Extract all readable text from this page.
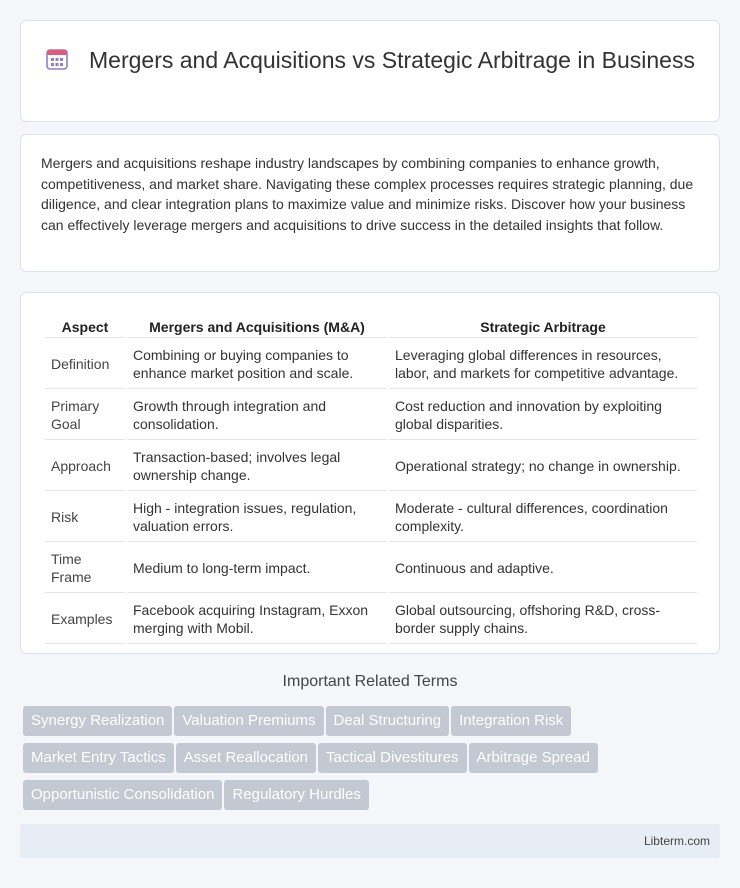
Mergers and Acquisitions vs Strategic Arbitrage in Business

Mergers and acquisitions reshape industry landscapes by combining companies to enhance growth, competitiveness, and market share. Navigating these complex processes requires strategic planning, due diligence, and clear integration plans to maximize value and minimize risks. Discover how your business can effectively leverage mergers and acquisitions to drive success in the detailed insights that follow.

Aspect	Mergers and Acquisitions (M&A)	Strategic Arbitrage
Definition	Combining or buying companies to enhance market position and scale.	Leveraging global differences in resources, labor, and markets for competitive advantage.
Primary Goal	Growth through integration and consolidation.	Cost reduction and innovation by exploiting global disparities.
Approach	Transaction-based; involves legal ownership change.	Operational strategy; no change in ownership.
Risk	High - integration issues, regulation, valuation errors.	Moderate - cultural differences, coordination complexity.
Time Frame	Medium to long-term impact.	Continuous and adaptive.
Examples	Facebook acquiring Instagram, Exxon merging with Mobil.	Global outsourcing, offshoring R&D, cross-border supply chains.
Important Related Terms
Synergy Realization Valuation Premiums Deal Structuring Integration Risk
Market Entry Tactics Asset Reallocation Tactical Divestitures Arbitrage Spread
Opportunistic Consolidation Regulatory Hurdles
Libterm.com
